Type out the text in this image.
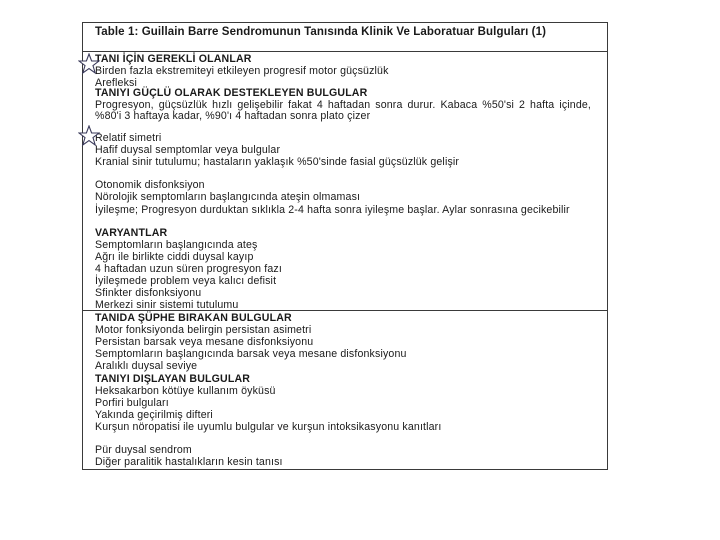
Table 1: Guillain Barre Sendromunun Tanısında Klinik Ve Laboratuar Bulguları (1)
TANI İÇİN GEREKLİ OLANLAR
Birden fazla ekstremiteyi etkileyen progresif motor güçsüzlük
Arefleksi
TANIYI GÜÇLÜ OLARAK DESTEKLEYEN BULGULAR
Progresyon, güçsüzlük hızlı gelişebilir fakat 4 haftadan sonra durur. Kabaca %50'si 2 hafta içinde, %80'i 3 haftaya kadar, %90'ı 4 haftadan sonra plato çizer
Relatif simetri
Hafif duysal semptomlar veya bulgular
Kranial sinir tutulumu; hastaların yaklaşık %50'sinde fasial güçsüzlük gelişir
Otonomik disfonksiyon
Nörolojik semptomların başlangıcında ateşin olmaması
İyileşme; Progresyon durduktan sıklıkla 2-4 hafta sonra iyileşme başlar. Aylar sonrasına gecikebilir
VARYANTLAR
Semptomların başlangıcında ateş
Ağrı ile birlikte ciddi duysal kayıp
4 haftadan uzun süren progresyon fazı
İyileşmede problem veya kalıcı defisit
Sfinkter disfonksiyonu
Merkezi sinir sistemi tutulumu
TANIDA ŞÜPHE BIRAKAN BULGULAR
Motor fonksiyonda belirgin persistan asimetri
Persistan barsak veya mesane disfonksiyonu
Semptomların başlangıcında barsak veya mesane disfonksiyonu
Aralıklı duysal seviye
TANIYI DIŞLAYAN BULGULAR
Heksakarbon kötüye kullanım öyküsü
Porfiri bulguları
Yakında geçirilmiş difteri
Kurşun nöropatisi ile uyumlu bulgular ve kurşun intoksikasyonu kanıtları
Pür duysal sendrom
Diğer paralitik hastalıkların kesin tanısı
